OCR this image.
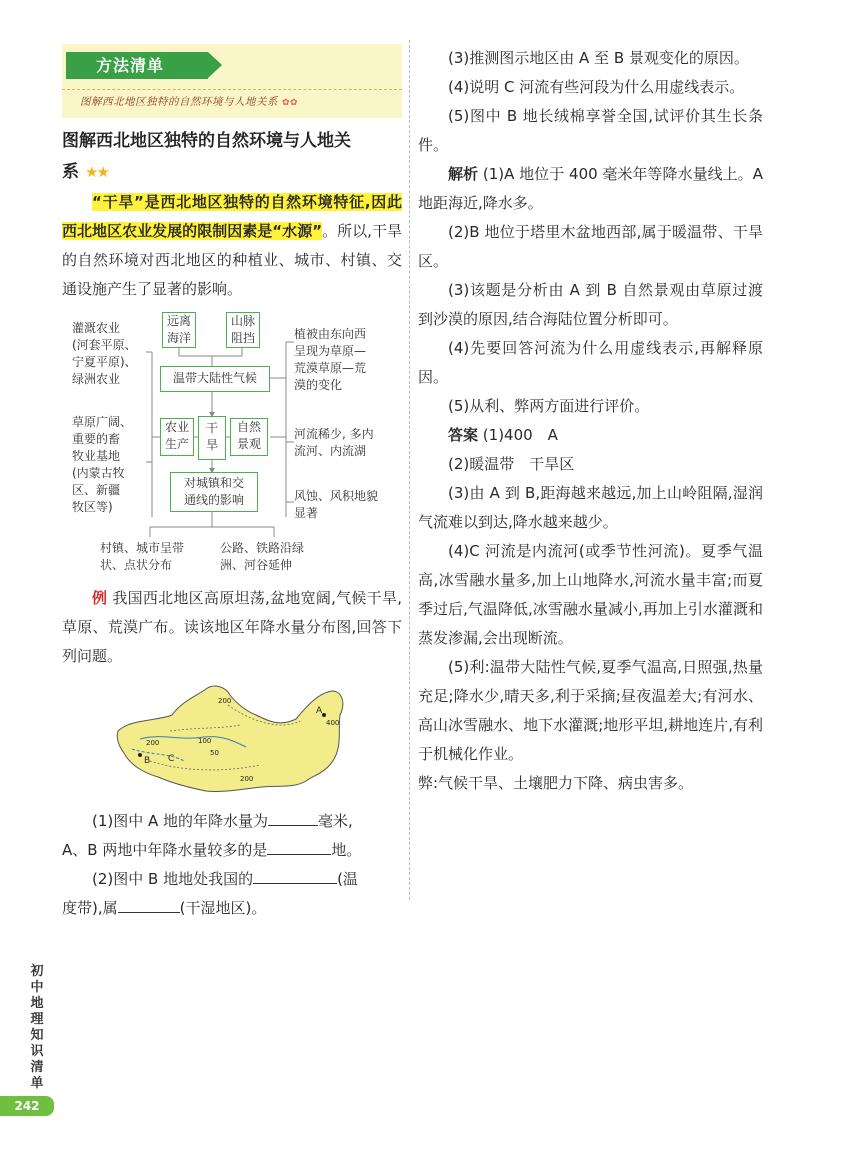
方法清单
图解西北地区独特的自然环境与人地关系 ✿✿
图解西北地区独特的自然环境与人地关
系 ★★

“干旱”是西北地区独特的自然环境特征,因此西北地区农业发展的限制因素是“水源”。所以,干旱的自然环境对西北地区的种植业、城市、村镇、交通设施产生了显著的影响。

远离
海洋
山脉
阻挡
温带大陆性气候
农业
生产
干
旱
自然
景观
对城镇和交
通线的影响
灌溉农业
(河套平原、
宁夏平原)、
绿洲农业
草原广阔、
重要的畜
牧业基地
(内蒙古牧
区、新疆
牧区等)
植被由东向西
呈现为草原—
荒漠草原—荒
漠的变化
河流稀少, 多内
流河、内流湖
风蚀、风积地貌
显著
村镇、城市呈带
状、点状分布
公路、铁路沿绿
洲、河谷延伸

例 我国西北地区高原坦荡,盆地宽阔,气候干旱,草原、荒漠广布。读该地区年降水量分布图,回答下列问题。

A
B C
400
200
100
50
200
200

(1)图中 A 地的年降水量为	毫米,
A、B 两地中年降水量较多的是	地。

(2)图中 B 地地处我国的	(温
度带),属	(干湿地区)。

(3)推测图示地区由 A 至 B 景观变化的原因。

(4)说明 C 河流有些河段为什么用虚线表示。

(5)图中 B 地长绒棉享誉全国,试评价其生长条件。

解析 (1)A 地位于 400 毫米年等降水量线上。A 地距海近,降水多。

(2)B 地位于塔里木盆地西部,属于暖温带、干旱区。

(3)该题是分析由 A 到 B 自然景观由草原过渡到沙漠的原因,结合海陆位置分析即可。

(4)先要回答河流为什么用虚线表示,再解释原因。

(5)从利、弊两方面进行评价。

答案 (1)400　A

(2)暖温带　干旱区

(3)由 A 到 B,距海越来越远,加上山岭阻隔,湿润气流难以到达,降水越来越少。

(4)C 河流是内流河(或季节性河流)。夏季气温高,冰雪融水量多,加上山地降水,河流水量丰富;而夏季过后,气温降低,冰雪融水量减小,再加上引水灌溉和蒸发渗漏,会出现断流。

(5)利:温带大陆性气候,夏季气温高,日照强,热量充足;降水少,晴天多,利于采摘;昼夜温差大;有河水、高山冰雪融水、地下水灌溉;地形平坦,耕地连片,有利于机械化作业。

弊:气候干旱、土壤肥力下降、病虫害多。

初中地理知识清单
242
